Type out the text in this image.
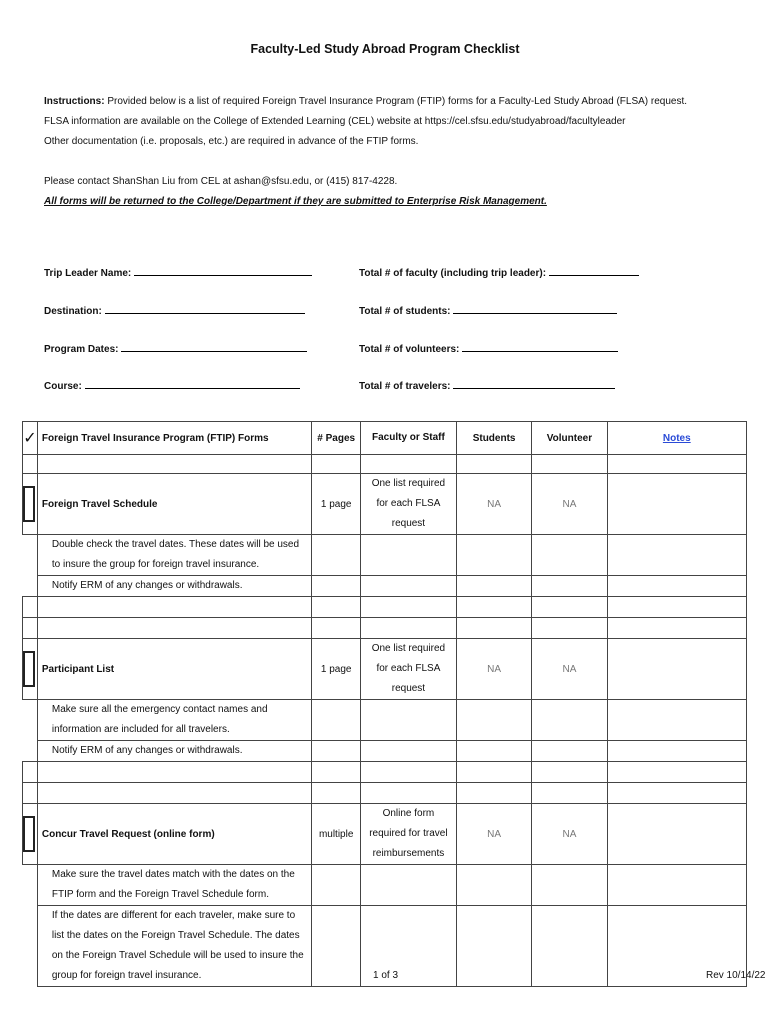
Faculty-Led Study Abroad Program Checklist
Instructions: Provided below is a list of required Foreign Travel Insurance Program (FTIP) forms for a Faculty-Led Study Abroad (FLSA) request.
FLSA information are available on the College of Extended Learning (CEL) website at https://cel.sfsu.edu/studyabroad/facultyleader
Other documentation (i.e. proposals, etc.) are required in advance of the FTIP forms.
Please contact ShanShan Liu from CEL at ashan@sfsu.edu, or (415) 817-4228.
All forms will be returned to the College/Department if they are submitted to Enterprise Risk Management.
Trip Leader Name:
Destination:
Program Dates:
Course:
Total # of faculty (including trip leader):
Total # of students:
Total # of volunteers:
Total # of travelers:
✓	Foreign Travel Insurance Program (FTIP) Forms	# Pages	Faculty or Staff	Students	Volunteer	Notes

	Foreign Travel Schedule	1 page	One list required for each FLSA request	NA	NA	

	Double check the travel dates. These dates will be used to insure the group for foreign travel insurance.					

	Notify ERM of any changes or withdrawals.					

	Participant List	1 page	One list required for each FLSA request	NA	NA	

	Make sure all the emergency contact names and information are included for all travelers.					

	Notify ERM of any changes or withdrawals.					

	Concur Travel Request (online form)	multiple	Online form required for travel reimbursements	NA	NA	

	Make sure the travel dates match with the dates on the FTIP form and the Foreign Travel Schedule form.					

	If the dates are different for each traveler, make sure to list the dates on the Foreign Travel Schedule. The dates on the Foreign Travel Schedule will be used to insure the group for foreign travel insurance.					
						1 of 3	Rev 10/14/22
